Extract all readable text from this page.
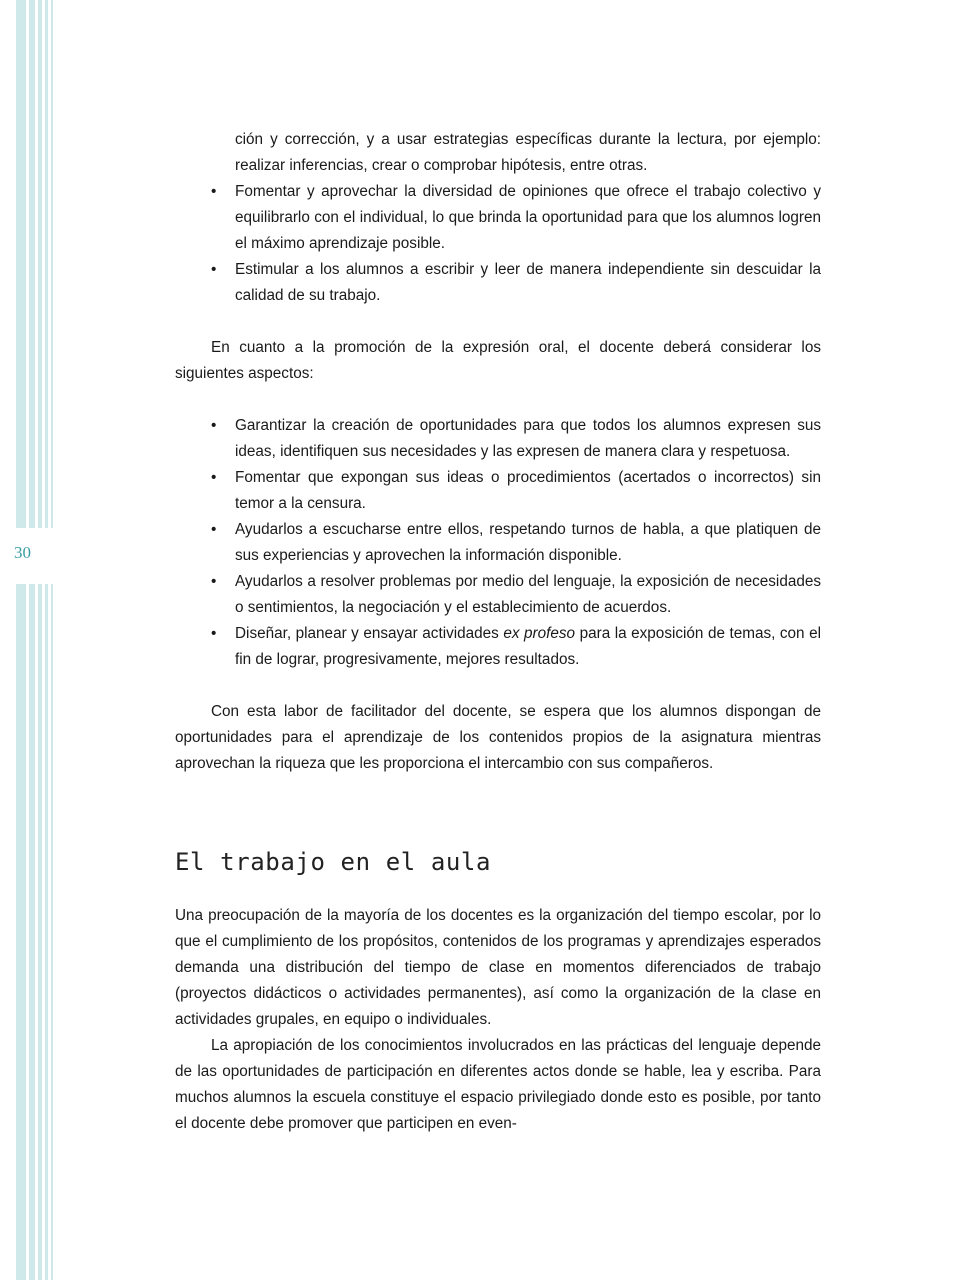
30

ción y corrección, y a usar estrategias específicas durante la lectura, por ejemplo: realizar inferencias, crear o comprobar hipótesis, entre otras.

• Fomentar y aprovechar la diversidad de opiniones que ofrece el trabajo colectivo y equilibrarlo con el individual, lo que brinda la oportunidad para que los alumnos logren el máximo aprendizaje posible.
• Estimular a los alumnos a escribir y leer de manera independiente sin descuidar la calidad de su trabajo.

En cuanto a la promoción de la expresión oral, el docente deberá considerar los siguientes aspectos:

• Garantizar la creación de oportunidades para que todos los alumnos expresen sus ideas, identifiquen sus necesidades y las expresen de manera clara y respetuosa.
• Fomentar que expongan sus ideas o procedimientos (acertados o incorrectos) sin temor a la censura.
• Ayudarlos a escucharse entre ellos, respetando turnos de habla, a que platiquen de sus experiencias y aprovechen la información disponible.
• Ayudarlos a resolver problemas por medio del lenguaje, la exposición de necesidades o sentimientos, la negociación y el establecimiento de acuerdos.
• Diseñar, planear y ensayar actividades ex profeso para la exposición de temas, con el fin de lograr, progresivamente, mejores resultados.

Con esta labor de facilitador del docente, se espera que los alumnos dispongan de oportunidades para el aprendizaje de los contenidos propios de la asignatura mientras aprovechan la riqueza que les proporciona el intercambio con sus compañeros.

El trabajo en el aula

Una preocupación de la mayoría de los docentes es la organización del tiempo escolar, por lo que el cumplimiento de los propósitos, contenidos de los programas y aprendizajes esperados demanda una distribución del tiempo de clase en momentos diferenciados de trabajo (proyectos didácticos o actividades permanentes), así como la organización de la clase en actividades grupales, en equipo o individuales.

La apropiación de los conocimientos involucrados en las prácticas del lenguaje depende de las oportunidades de participación en diferentes actos donde se hable, lea y escriba. Para muchos alumnos la escuela constituye el espacio privilegiado donde esto es posible, por tanto el docente debe promover que participen en even-
